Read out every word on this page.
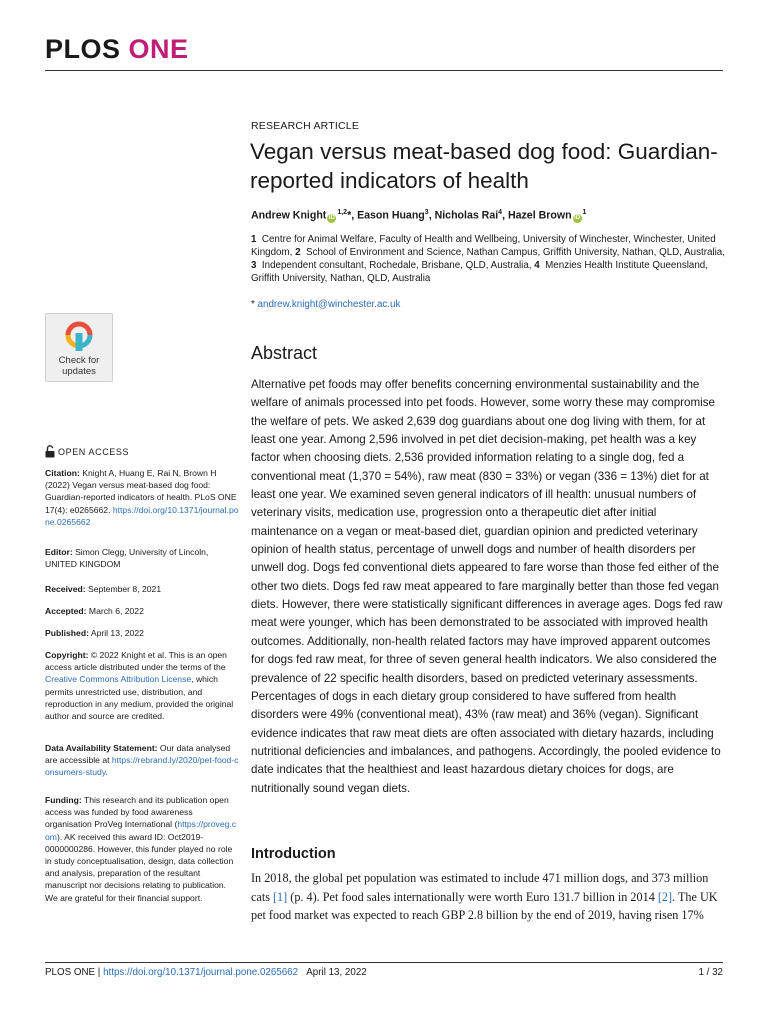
PLOS ONE
RESEARCH ARTICLE
Vegan versus meat-based dog food: Guardian-reported indicators of health
Andrew Knight iD$^{1,2}$*, Eason Huang$^3$, Nicholas Rai$^4$, Hazel Brown $iD^1$
1 Centre for Animal Welfare, Faculty of Health and Wellbeing, University of Winchester, Winchester, United Kingdom, 2 School of Environment and Science, Nathan Campus, Griffith University, Nathan, QLD, Australia, 3 Independent consultant, Rochedale, Brisbane, QLD, Australia, 4 Menzies Health Institute Queensland, Griffith University, Nathan, QLD, Australia
* andrew.knight@winchester.ac.uk
Abstract
Alternative pet foods may offer benefits concerning environmental sustainability and the welfare of animals processed into pet foods. However, some worry these may compromise the welfare of pets. We asked 2,639 dog guardians about one dog living with them, for at least one year. Among 2,596 involved in pet diet decision-making, pet health was a key factor when choosing diets. 2,536 provided information relating to a single dog, fed a conventional meat (1,370 = 54%), raw meat (830 = 33%) or vegan (336 = 13%) diet for at least one year. We examined seven general indicators of ill health: unusual numbers of veterinary visits, medication use, progression onto a therapeutic diet after initial maintenance on a vegan or meat-based diet, guardian opinion and predicted veterinary opinion of health status, percentage of unwell dogs and number of health disorders per unwell dog. Dogs fed conventional diets appeared to fare worse than those fed either of the other two diets. Dogs fed raw meat appeared to fare marginally better than those fed vegan diets. However, there were statistically significant differences in average ages. Dogs fed raw meat were younger, which has been demonstrated to be associated with improved health outcomes. Additionally, non-health related factors may have improved apparent outcomes for dogs fed raw meat, for three of seven general health indicators. We also considered the prevalence of 22 specific health disorders, based on predicted veterinary assessments. Percentages of dogs in each dietary group considered to have suffered from health disorders were 49% (conventional meat), 43% (raw meat) and 36% (vegan). Significant evidence indicates that raw meat diets are often associated with dietary hazards, including nutritional deficiencies and imbalances, and pathogens. Accordingly, the pooled evidence to date indicates that the healthiest and least hazardous dietary choices for dogs, are nutritionally sound vegan diets.
Introduction
In 2018, the global pet population was estimated to include 471 million dogs, and 373 million cats [1] (p. 4). Pet food sales internationally were worth Euro 131.7 billion in 2014 [2]. The UK pet food market was expected to reach GBP 2.8 billion by the end of 2019, having risen 17%
Check for
updates
OPEN ACCESS
Citation: Knight A, Huang E, Rai N, Brown H (2022) Vegan versus meat-based dog food: Guardian-reported indicators of health. PLoS ONE 17(4): e0265662. https://doi.org/10.1371/journal.pone.0265662
Editor: Simon Clegg, University of Lincoln, UNITED KINGDOM
Received: September 8, 2021
Accepted: March 6, 2022
Published: April 13, 2022
Copyright: © 2022 Knight et al. This is an open access article distributed under the terms of the Creative Commons Attribution License, which permits unrestricted use, distribution, and reproduction in any medium, provided the original author and source are credited.
Data Availability Statement: Our data analysed are accessible at https://rebrand.ly/2020/pet-food-consumers-study.
Funding: This research and its publication open access was funded by food awareness organisation ProVeg International (https://proveg.com). AK received this award ID: Oct2019-0000000286. However, this funder played no role in study conceptualisation, design, data collection and analysis, preparation of the resultant manuscript nor decisions relating to publication. We are grateful for their financial support.
PLOS ONE | https://doi.org/10.1371/journal.pone.0265662 April 13, 2022	1 / 32
